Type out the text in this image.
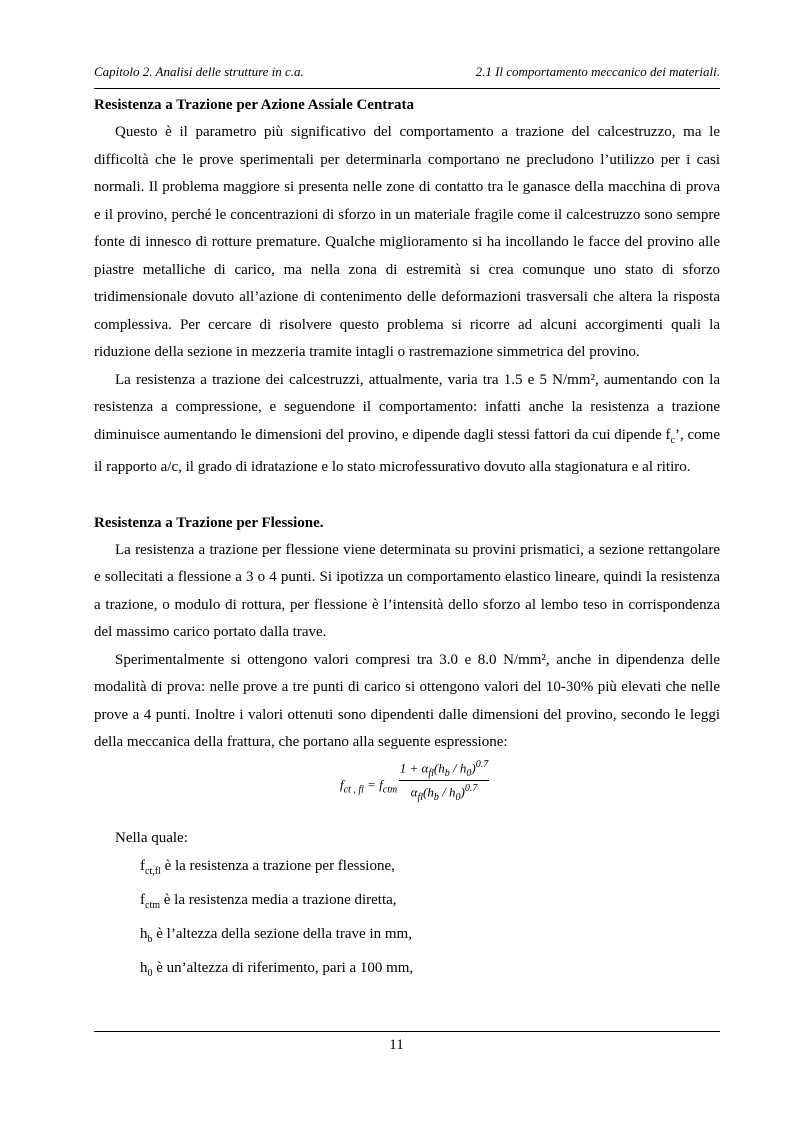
Capitolo 2. Analisi delle strutture in c.a.	2.1 Il comportamento meccanico dei materiali.
Resistenza a Trazione per Azione Assiale Centrata

Questo è il parametro più significativo del comportamento a trazione del calcestruzzo, ma le difficoltà che le prove sperimentali per determinarla comportano ne precludono l’utilizzo per i casi normali. Il problema maggiore si presenta nelle zone di contatto tra le ganasce della macchina di prova e il provino, perché le concentrazioni di sforzo in un materiale fragile come il calcestruzzo sono sempre fonte di innesco di rotture premature. Qualche miglioramento si ha incollando le facce del provino alle piastre metalliche di carico, ma nella zona di estremità si crea comunque uno stato di sforzo tridimensionale dovuto all’azione di contenimento delle deformazioni trasversali che altera la risposta complessiva. Per cercare di risolvere questo problema si ricorre ad alcuni accorgimenti quali la riduzione della sezione in mezzeria tramite intagli o rastremazione simmetrica del provino.

La resistenza a trazione dei calcestruzzi, attualmente, varia tra 1.5 e 5 N/mm², aumentando con la resistenza a compressione, e seguendone il comportamento: infatti anche la resistenza a trazione diminuisce aumentando le dimensioni del provino, e dipende dagli stessi fattori da cui dipende $f_c$’, come il rapporto a/c, il grado di idratazione e lo stato microfessurativo dovuto alla stagionatura e al ritiro.

Resistenza a Trazione per Flessione.

La resistenza a trazione per flessione viene determinata su provini prismatici, a sezione rettangolare e sollecitati a flessione a 3 o 4 punti. Si ipotizza un comportamento elastico lineare, quindi la resistenza a trazione, o modulo di rottura, per flessione è l’intensità dello sforzo al lembo teso in corrispondenza del massimo carico portato dalla trave.

Sperimentalmente si ottengono valori compresi tra 3.0 e 8.0 N/mm², anche in dipendenza delle modalità di prova: nelle prove a tre punti di carico si ottengono valori del 10-30% più elevati che nelle prove a 4 punti. Inoltre i valori ottenuti sono dipendenti dalle dimensioni del provino, secondo le leggi della meccanica della frattura, che portano alla seguente espressione:

$f_{ct , fl} = f_{ctm}$
$1 + \alpha_{fl}(h_b / h_0)^{0.7}$
$\alpha_{fl}(h_b / h_0)^{0.7}$

Nella quale:

$f_{ct,fl}$ è la resistenza a trazione per flessione,
$f_{ctm}$ è la resistenza media a trazione diretta,
$h_b$ è l’altezza della sezione della trave in mm,
$h_0$ è un’altezza di riferimento, pari a 100 mm,
11
